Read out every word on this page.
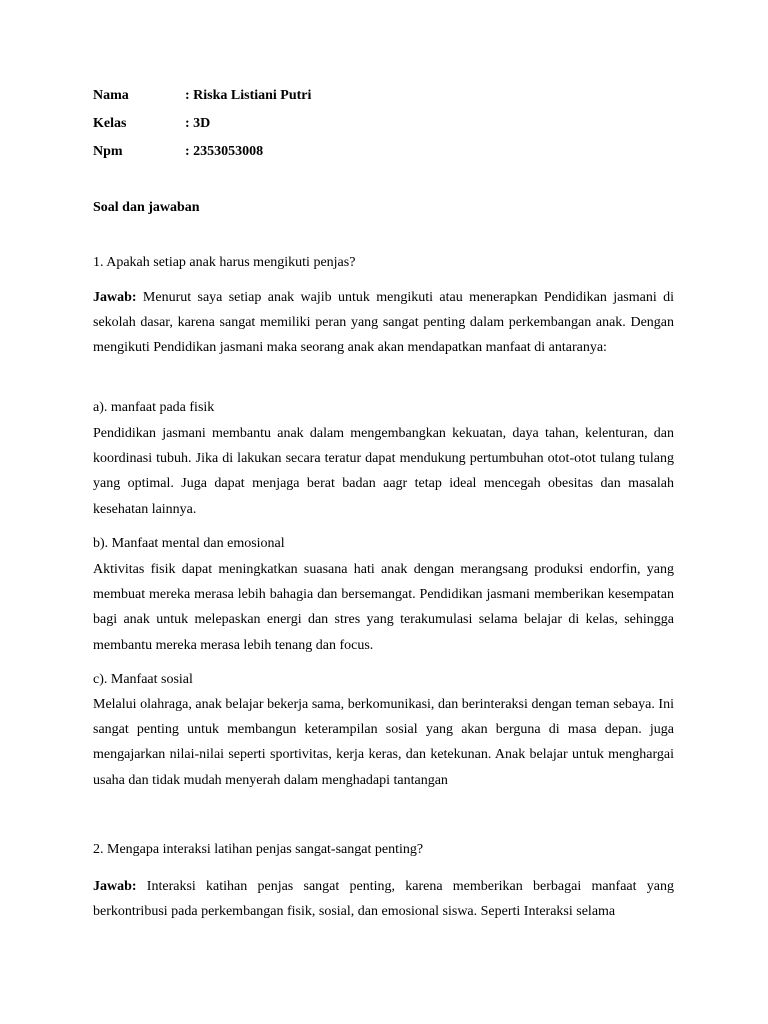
Nama	: Riska Listiani Putri
Kelas	: 3D
Npm	: 2353053008
Soal dan jawaban
1. Apakah setiap anak harus mengikuti penjas?
Jawab: Menurut saya setiap anak wajib untuk mengikuti atau menerapkan Pendidikan jasmani di sekolah dasar, karena sangat memiliki peran yang sangat penting dalam perkembangan anak. Dengan mengikuti Pendidikan jasmani maka seorang anak akan mendapatkan manfaat di antaranya:
a). manfaat pada fisik
Pendidikan jasmani membantu anak dalam mengembangkan kekuatan, daya tahan, kelenturan, dan koordinasi tubuh. Jika di lakukan secara teratur dapat mendukung pertumbuhan otot-otot tulang tulang yang optimal. Juga dapat menjaga berat badan aagr tetap ideal mencegah obesitas dan masalah kesehatan lainnya.
b). Manfaat mental dan emosional
Aktivitas fisik dapat meningkatkan suasana hati anak dengan merangsang produksi endorfin, yang membuat mereka merasa lebih bahagia dan bersemangat. Pendidikan jasmani memberikan kesempatan bagi anak untuk melepaskan energi dan stres yang terakumulasi selama belajar di kelas, sehingga membantu mereka merasa lebih tenang dan focus.
c). Manfaat sosial
Melalui olahraga, anak belajar bekerja sama, berkomunikasi, dan berinteraksi dengan teman sebaya. Ini sangat penting untuk membangun keterampilan sosial yang akan berguna di masa depan. juga mengajarkan nilai-nilai seperti sportivitas, kerja keras, dan ketekunan. Anak belajar untuk menghargai usaha dan tidak mudah menyerah dalam menghadapi tantangan
2. Mengapa interaksi latihan penjas sangat-sangat penting?
Jawab: Interaksi katihan penjas sangat penting, karena memberikan berbagai manfaat yang berkontribusi pada perkembangan fisik, sosial, dan emosional siswa. Seperti Interaksi selama
